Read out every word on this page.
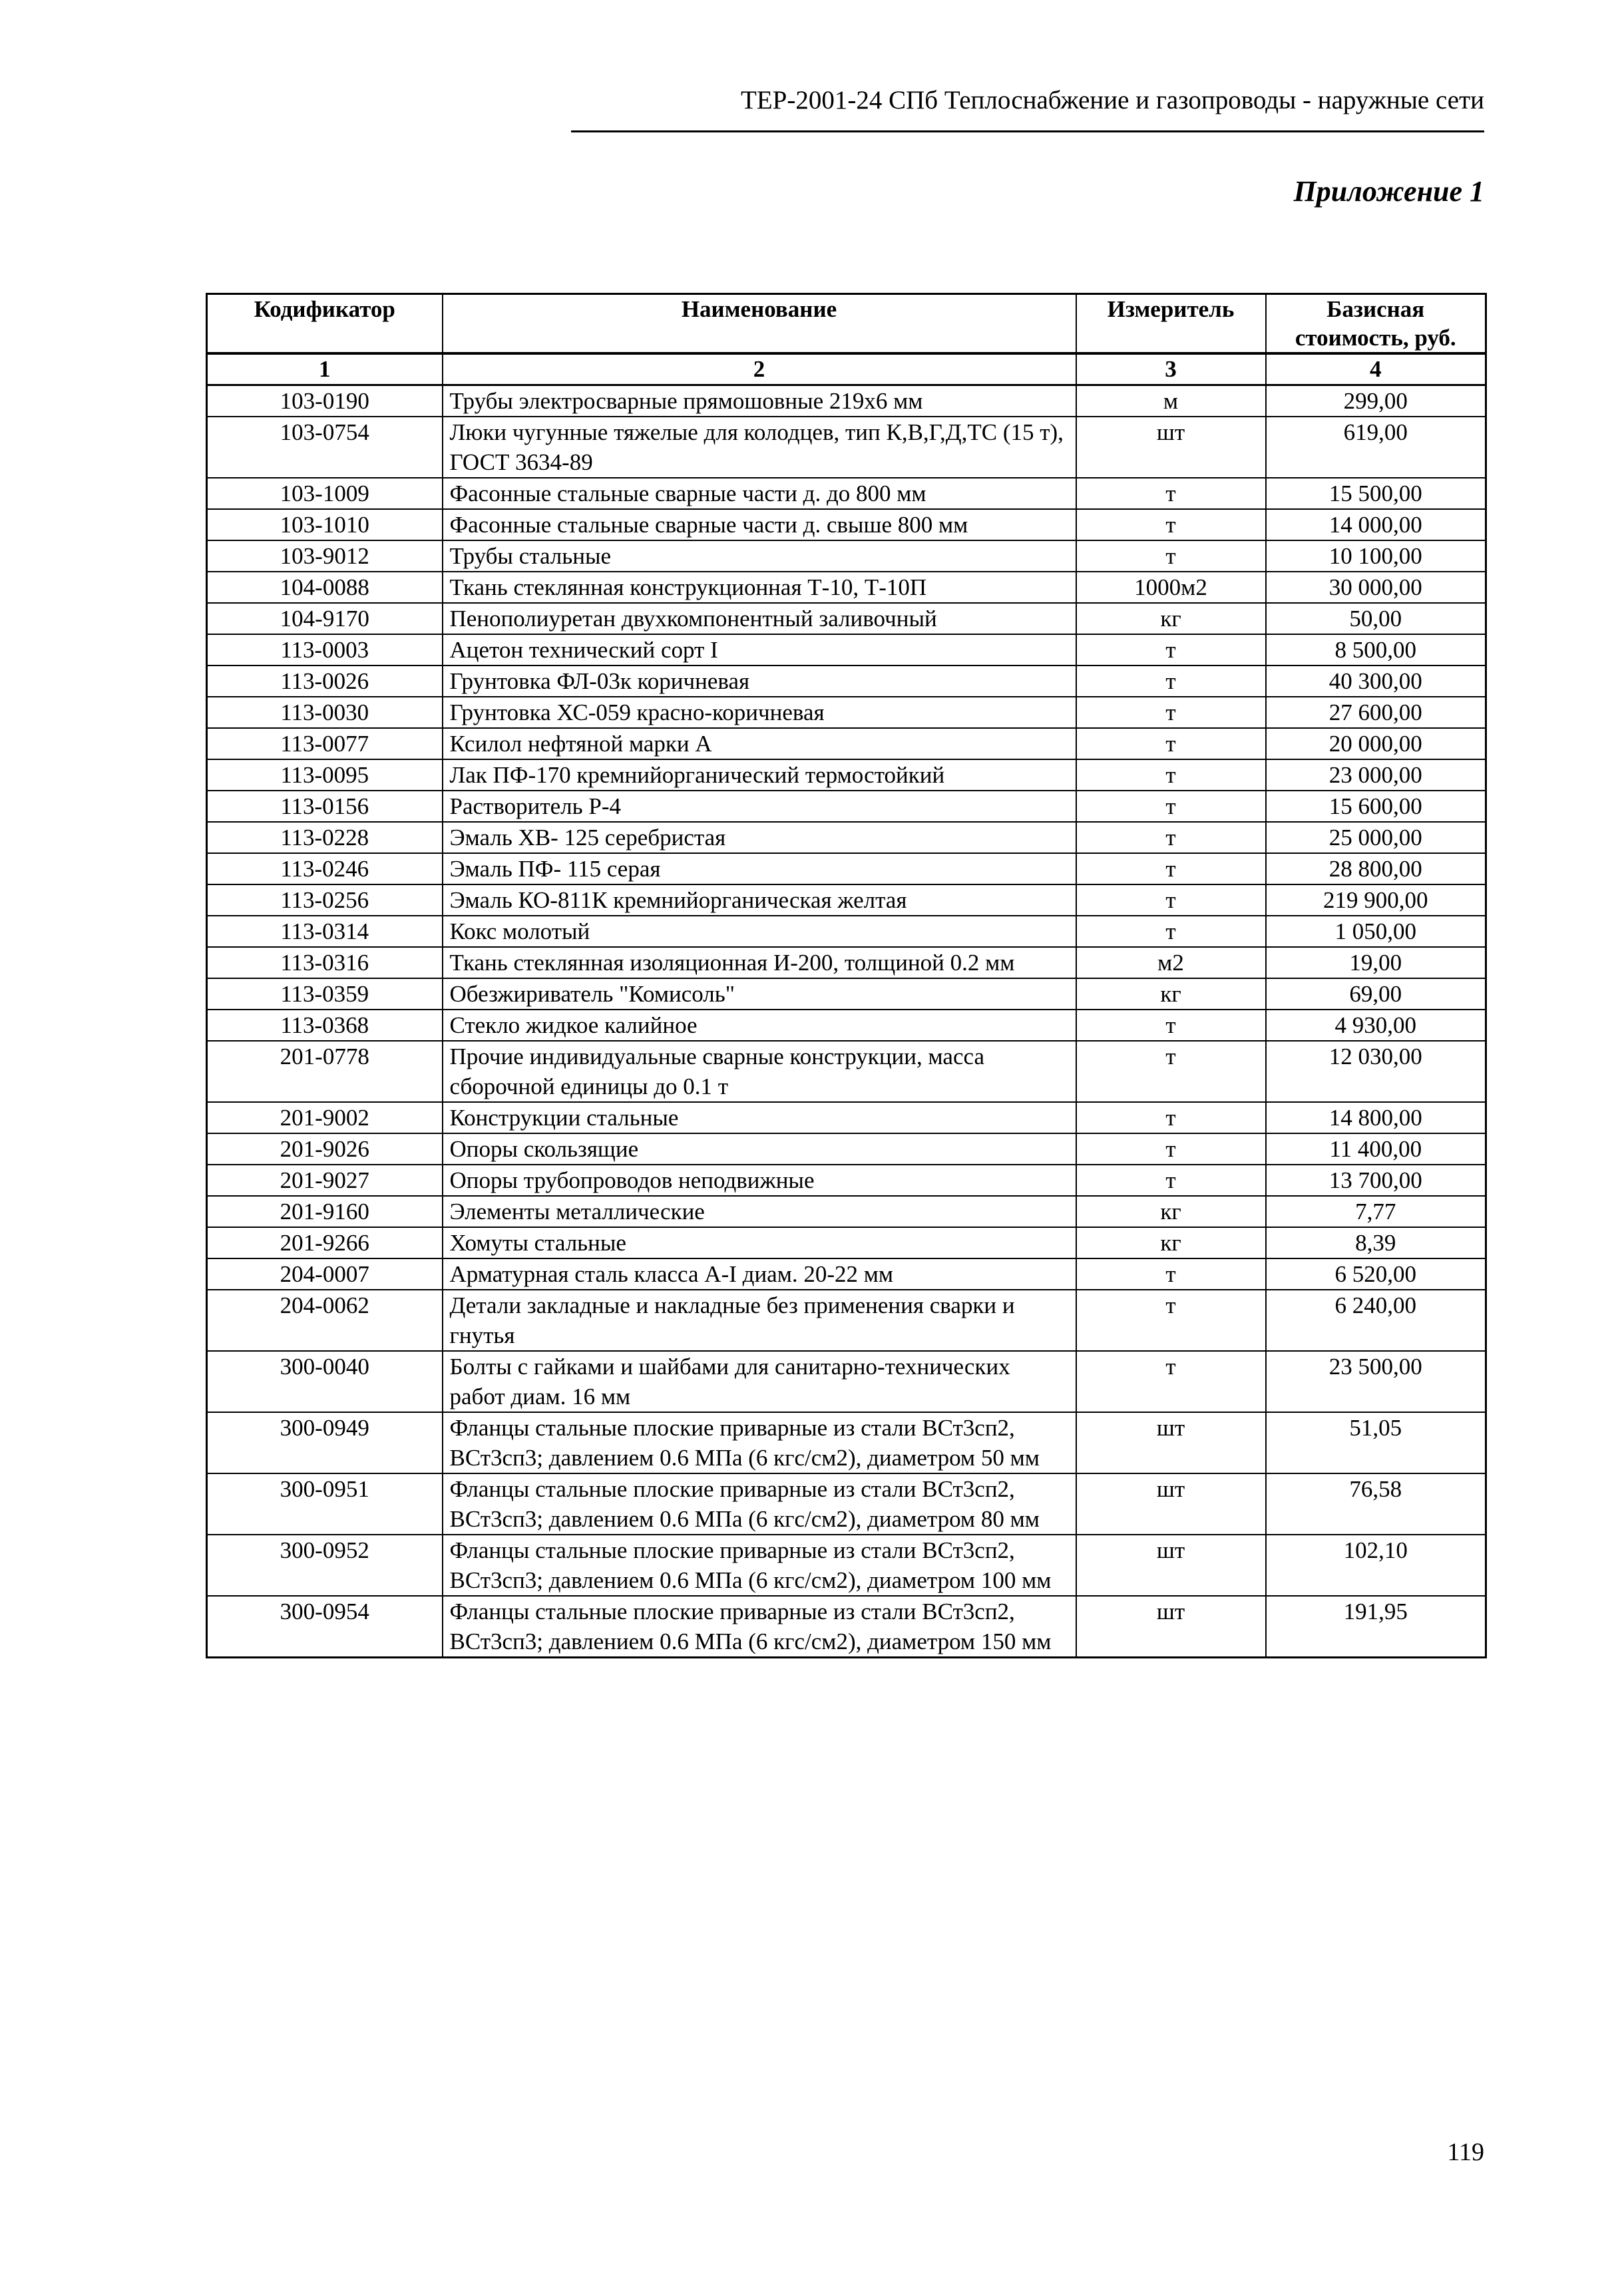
ТЕР-2001-24 СПб Теплоснабжение и газопроводы - наружные сети
Приложение 1
Кодификатор	Наименование	Измеритель	Базисная стоимость, руб.
1	2	3	4
103-0190	Трубы электросварные прямошовные 219х6 мм	м	299,00
103-0754	Люки чугунные тяжелые для колодцев, тип К,В,Г,Д,ТС (15 т), ГОСТ 3634-89	шт	619,00
103-1009	Фасонные стальные сварные части д. до 800 мм	т	15 500,00
103-1010	Фасонные стальные сварные части д. свыше 800 мм	т	14 000,00
103-9012	Трубы стальные	т	10 100,00
104-0088	Ткань стеклянная конструкционная Т-10, Т-10П	1000м2	30 000,00
104-9170	Пенополиуретан двухкомпонентный заливочный	кг	50,00
113-0003	Ацетон технический сорт I	т	8 500,00
113-0026	Грунтовка ФЛ-03к коричневая	т	40 300,00
113-0030	Грунтовка ХС-059 красно-коричневая	т	27 600,00
113-0077	Ксилол нефтяной марки А	т	20 000,00
113-0095	Лак ПФ-170 кремнийорганический термостойкий	т	23 000,00
113-0156	Растворитель Р-4	т	15 600,00
113-0228	Эмаль ХВ- 125 серебристая	т	25 000,00
113-0246	Эмаль ПФ- 115 серая	т	28 800,00
113-0256	Эмаль КО-811К кремнийорганическая желтая	т	219 900,00
113-0314	Кокс молотый	т	1 050,00
113-0316	Ткань стеклянная изоляционная И-200, толщиной 0.2 мм	м2	19,00
113-0359	Обезжириватель "Комисоль"	кг	69,00
113-0368	Стекло жидкое калийное	т	4 930,00
201-0778	Прочие индивидуальные сварные конструкции, масса сборочной единицы до 0.1 т	т	12 030,00
201-9002	Конструкции стальные	т	14 800,00
201-9026	Опоры скользящие	т	11 400,00
201-9027	Опоры трубопроводов неподвижные	т	13 700,00
201-9160	Элементы металлические	кг	7,77
201-9266	Хомуты стальные	кг	8,39
204-0007	Арматурная сталь класса А-I диам. 20-22 мм	т	6 520,00
204-0062	Детали закладные и накладные без применения сварки и гнутья	т	6 240,00
300-0040	Болты с гайками и шайбами для санитарно-технических работ диам. 16 мм	т	23 500,00
300-0949	Фланцы стальные плоские приварные из стали ВСт3сп2, ВСт3сп3; давлением 0.6 МПа (6 кгс/см2), диаметром 50 мм	шт	51,05
300-0951	Фланцы стальные плоские приварные из стали ВСт3сп2, ВСт3сп3; давлением 0.6 МПа (6 кгс/см2), диаметром 80 мм	шт	76,58
300-0952	Фланцы стальные плоские приварные из стали ВСт3сп2, ВСт3сп3; давлением 0.6 МПа (6 кгс/см2), диаметром 100 мм	шт	102,10
300-0954	Фланцы стальные плоские приварные из стали ВСт3сп2, ВСт3сп3; давлением 0.6 МПа (6 кгс/см2), диаметром 150 мм	шт	191,95
119
